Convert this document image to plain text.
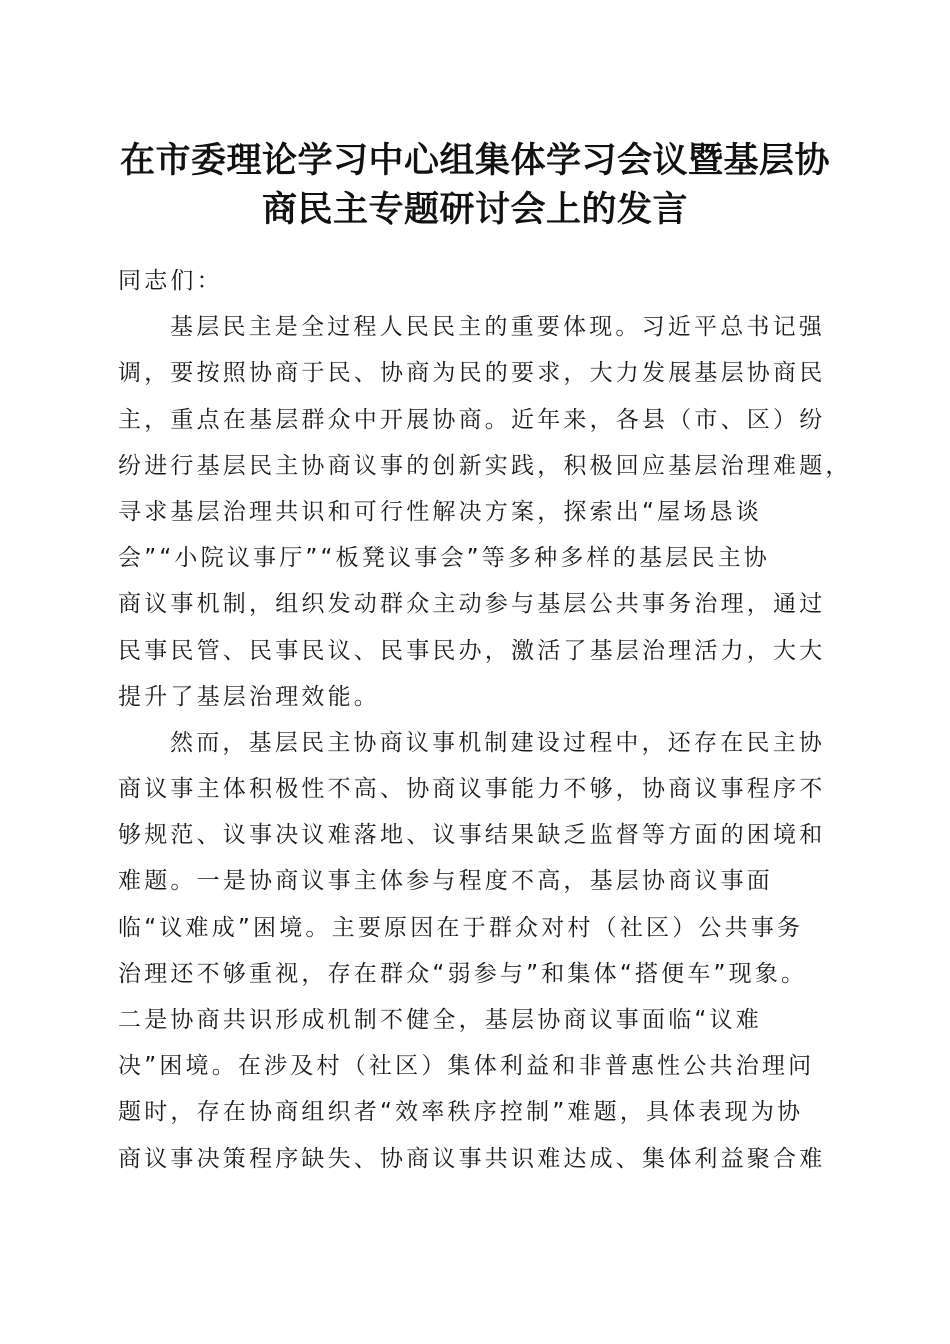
在市委理论学习中心组集体学习会议暨基层协
商民主专题研讨会上的发言
同志们：
基层民主是全过程人民民主的重要体现。习近平总书记强
调，要按照协商于民、协商为民的要求，大力发展基层协商民
主，重点在基层群众中开展协商。近年来，各县（市、区）纷
纷进行基层民主协商议事的创新实践，积极回应基层治理难题，
寻求基层治理共识和可行性解决方案，探索出“屋场恳谈
会”“小院议事厅”“板凳议事会”等多种多样的基层民主协
商议事机制，组织发动群众主动参与基层公共事务治理，通过
民事民管、民事民议、民事民办，激活了基层治理活力，大大
提升了基层治理效能。
然而，基层民主协商议事机制建设过程中，还存在民主协
商议事主体积极性不高、协商议事能力不够，协商议事程序不
够规范、议事决议难落地、议事结果缺乏监督等方面的困境和
难题。一是协商议事主体参与程度不高，基层协商议事面
临“议难成”困境。主要原因在于群众对村（社区）公共事务
治理还不够重视，存在群众“弱参与”和集体“搭便车”现象。
二是协商共识形成机制不健全，基层协商议事面临“议难
决”困境。在涉及村（社区）集体利益和非普惠性公共治理问
题时，存在协商组织者“效率秩序控制”难题，具体表现为协
商议事决策程序缺失、协商议事共识难达成、集体利益聚合难
